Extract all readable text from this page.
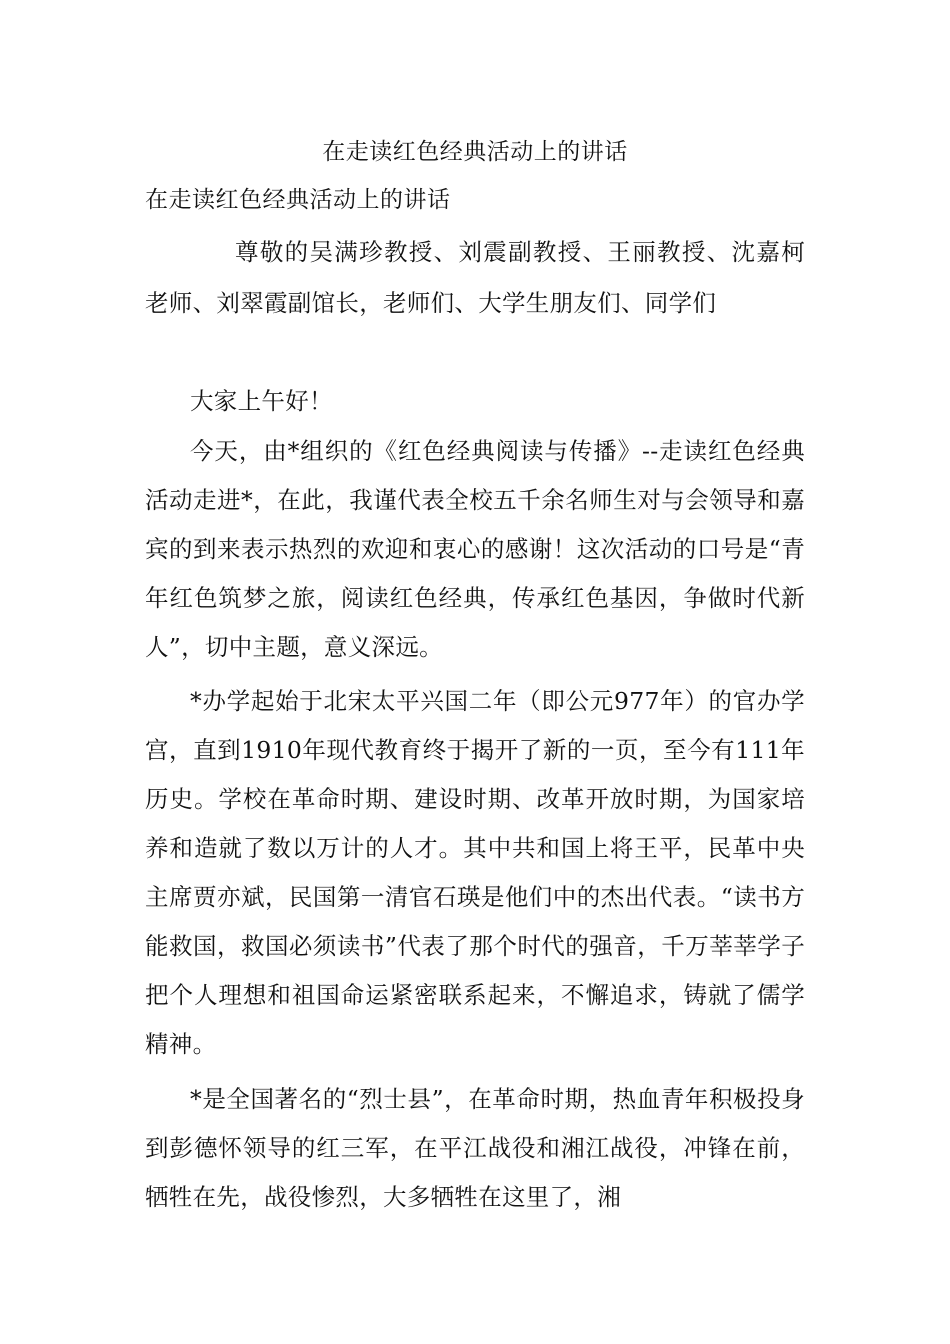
在走读红色经典活动上的讲话
在走读红色经典活动上的讲话

尊敬的吴满珍教授、刘震副教授、王丽教授、沈嘉柯老师、刘翠霞副馆长，老师们、大学生朋友们、同学们

大家上午好！

今天，由*组织的《红色经典阅读与传播》--走读红色经典活动走进*，在此，我谨代表全校五千余名师生对与会领导和嘉宾的到来表示热烈的欢迎和衷心的感谢！这次活动的口号是“青年红色筑梦之旅，阅读红色经典，传承红色基因，争做时代新人”，切中主题，意义深远。

*办学起始于北宋太平兴国二年（即公元977年）的官办学宫，直到1910年现代教育终于揭开了新的一页，至今有111年历史。学校在革命时期、建设时期、改革开放时期，为国家培养和造就了数以万计的人才。其中共和国上将王平，民革中央主席贾亦斌，民国第一清官石瑛是他们中的杰出代表。“读书方能救国，救国必须读书”代表了那个时代的强音，千万莘莘学子把个人理想和祖国命运紧密联系起来，不懈追求，铸就了儒学精神。

*是全国著名的“烈士县”，在革命时期，热血青年积极投身到彭德怀领导的红三军，在平江战役和湘江战役，冲锋在前，牺牲在先，战役惨烈，大多牺牲在这里了，湘
